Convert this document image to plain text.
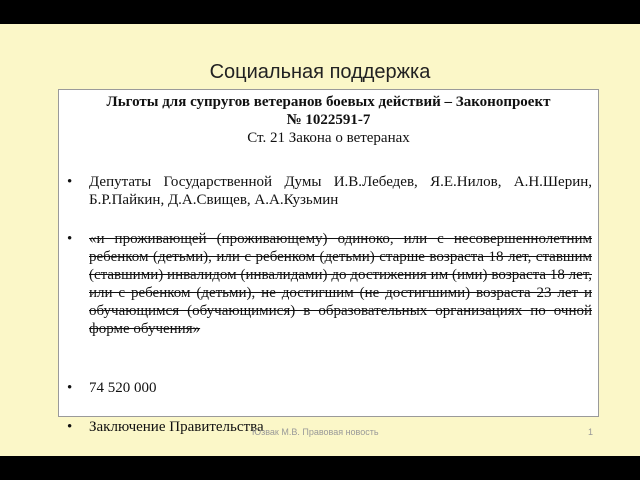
Социальная поддержка
Льготы для супругов ветеранов боевых действий – Законопроект
№ 1022591-7
Ст. 21 Закона о ветеранах
• Депутаты Государственной Думы И.В.Лебедев, Я.Е.Нилов, А.Н.Шерин, Б.Р.Пайкин, Д.А.Свищев, А.А.Кузьмин
• «и проживающей (проживающему) одиноко, или с несовершеннолетним ребенком (детьми), или с ребенком (детьми) старше возраста 18 лет, ставшим (ставшими) инвалидом (инвалидами) до достижения им (ими) возраста 18 лет, или с ребенком (детьми), не достигшим (не достигшими) возраста 23 лет и обучающимся (обучающимися) в образовательных организациях по очной форме обучения»
• 74 520 000
• Заключение Правительства
Юзвак М.В. Правовая новость	1
